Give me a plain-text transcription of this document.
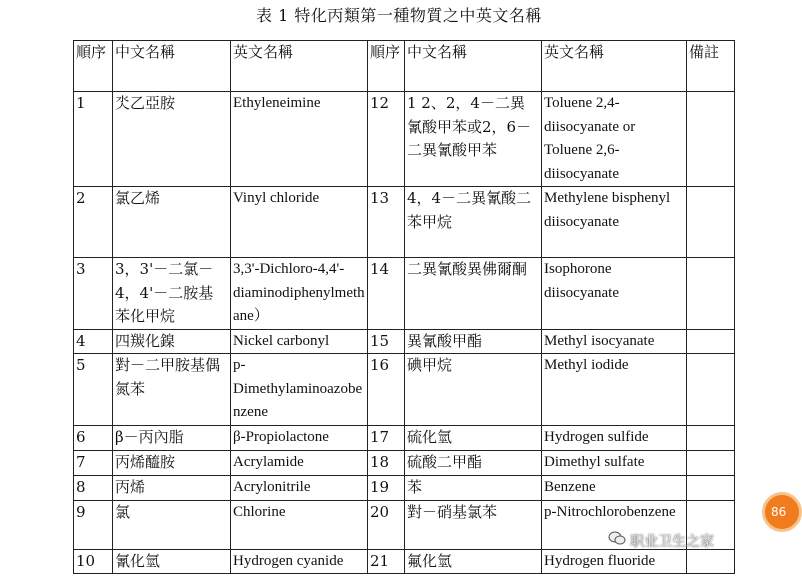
表 1 特化丙類第一種物質之中英文名稱
順序	中文名稱	英文名稱	順序	中文名稱	英文名稱	備註
1	氼乙亞胺	Ethyleneimine	12	1 2、2，4－二異氰酸甲苯或2，6－二異氰酸甲苯	Toluene 2,4-diisocyanate or Toluene 2,6-diisocyanate	
2	氯乙烯	Vinyl chloride	13	4，4－二異氰酸二苯甲烷	Methylene bisphenyl diisocyanate	
3	3，3'－二氯－4，4'－二胺基苯化甲烷	3,3'-Dichloro-4,4'-diaminodiphenylmethane）	14	二異氰酸異佛爾酮	Isophorone diisocyanate	
4	四羰化鎳	Nickel carbonyl	15	異氰酸甲酯	Methyl isocyanate	
5	對－二甲胺基偶氮苯	p-Dimethylaminoazobenzene	16	碘甲烷	Methyl iodide	
6	β－丙內脂	β-Propiolactone	17	硫化氫	Hydrogen sulfide	
7	丙烯醯胺	Acrylamide	18	硫酸二甲酯	Dimethyl sulfate	
8	丙烯	Acrylonitrile	19	苯	Benzene	
9	氯	Chlorine	20	對－硝基氯苯	p-Nitrochlorobenzene	
10	氰化氫	Hydrogen cyanide	21	氟化氫	Hydrogen fluoride	
86
职业卫生之家
